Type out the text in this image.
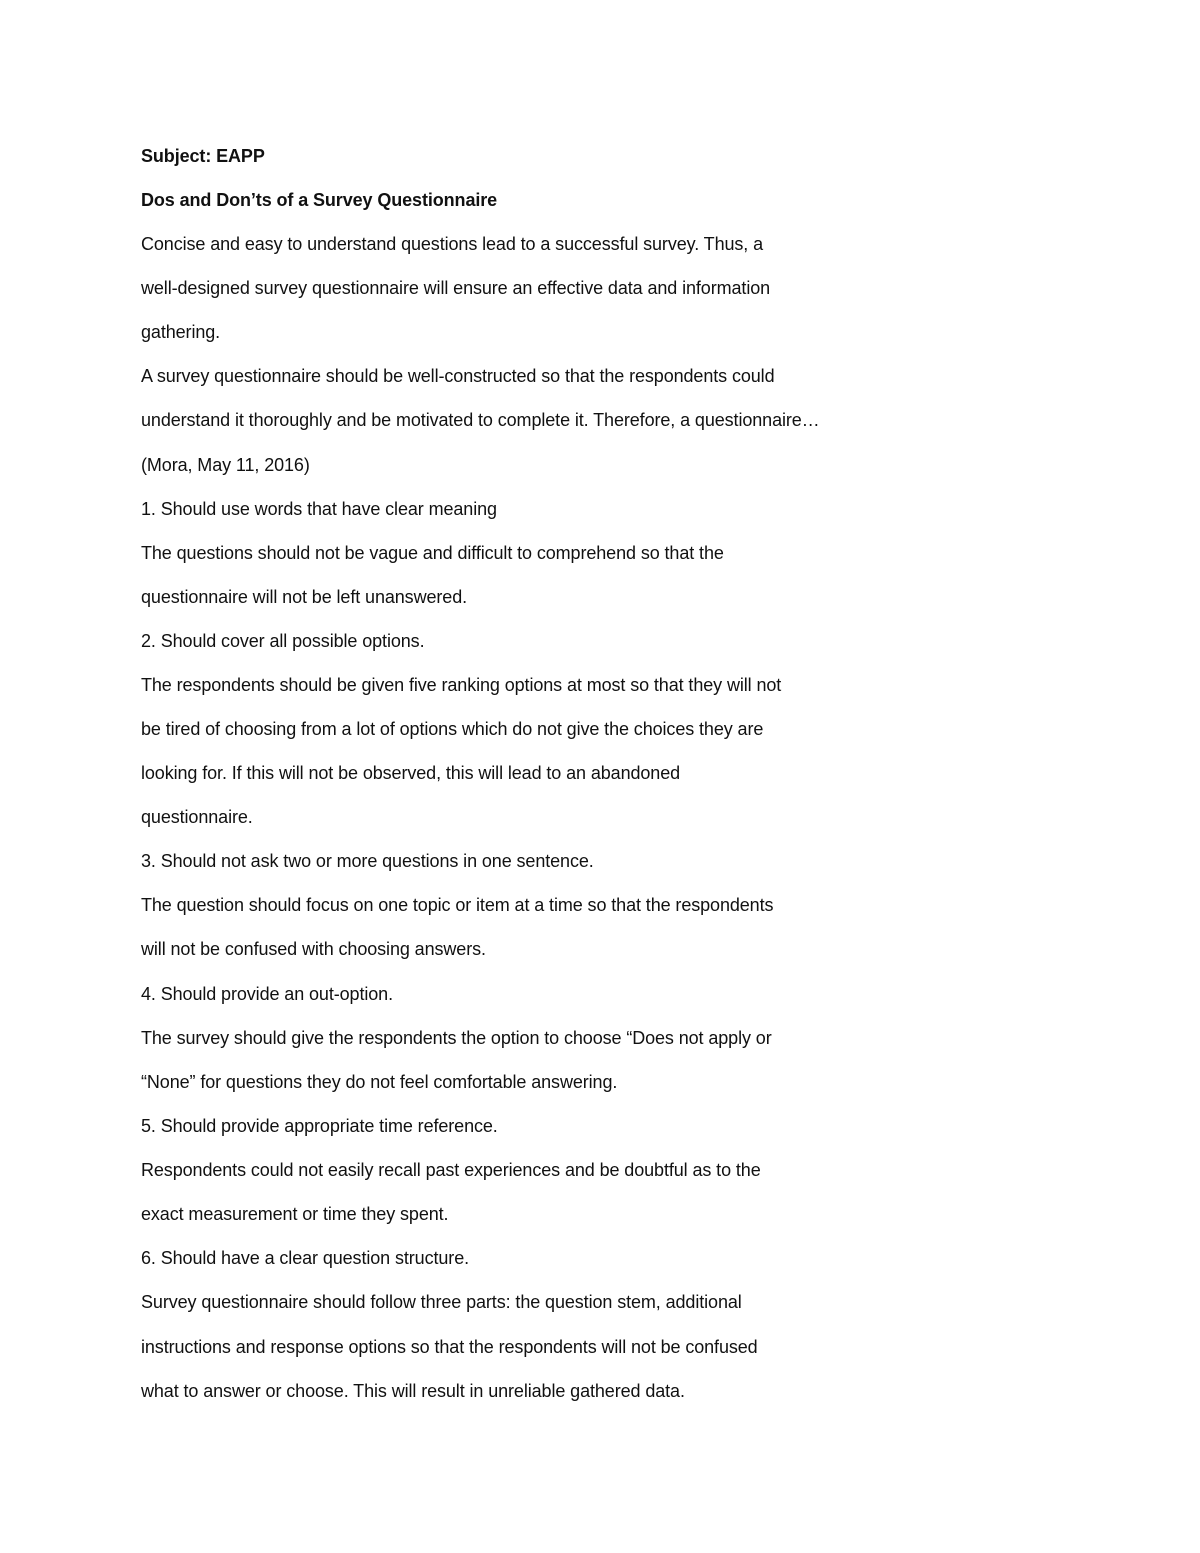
Subject: EAPP

Dos and Don’ts of a Survey Questionnaire

Concise and easy to understand questions lead to a successful survey. Thus, a

well-designed survey questionnaire will ensure an effective data and information

gathering.

A survey questionnaire should be well-constructed so that the respondents could

understand it thoroughly and be motivated to complete it. Therefore, a questionnaire…

(Mora, May 11, 2016)

1. Should use words that have clear meaning

The questions should not be vague and difficult to comprehend so that the

questionnaire will not be left unanswered.

2. Should cover all possible options.

The respondents should be given five ranking options at most so that they will not

be tired of choosing from a lot of options which do not give the choices they are

looking for. If this will not be observed, this will lead to an abandoned

questionnaire.

3. Should not ask two or more questions in one sentence.

The question should focus on one topic or item at a time so that the respondents

will not be confused with choosing answers.

4. Should provide an out-option.

The survey should give the respondents the option to choose “Does not apply or

“None” for questions they do not feel comfortable answering.

5. Should provide appropriate time reference.

Respondents could not easily recall past experiences and be doubtful as to the

exact measurement or time they spent.

6. Should have a clear question structure.

Survey questionnaire should follow three parts: the question stem, additional

instructions and response options so that the respondents will not be confused

what to answer or choose. This will result in unreliable gathered data.
